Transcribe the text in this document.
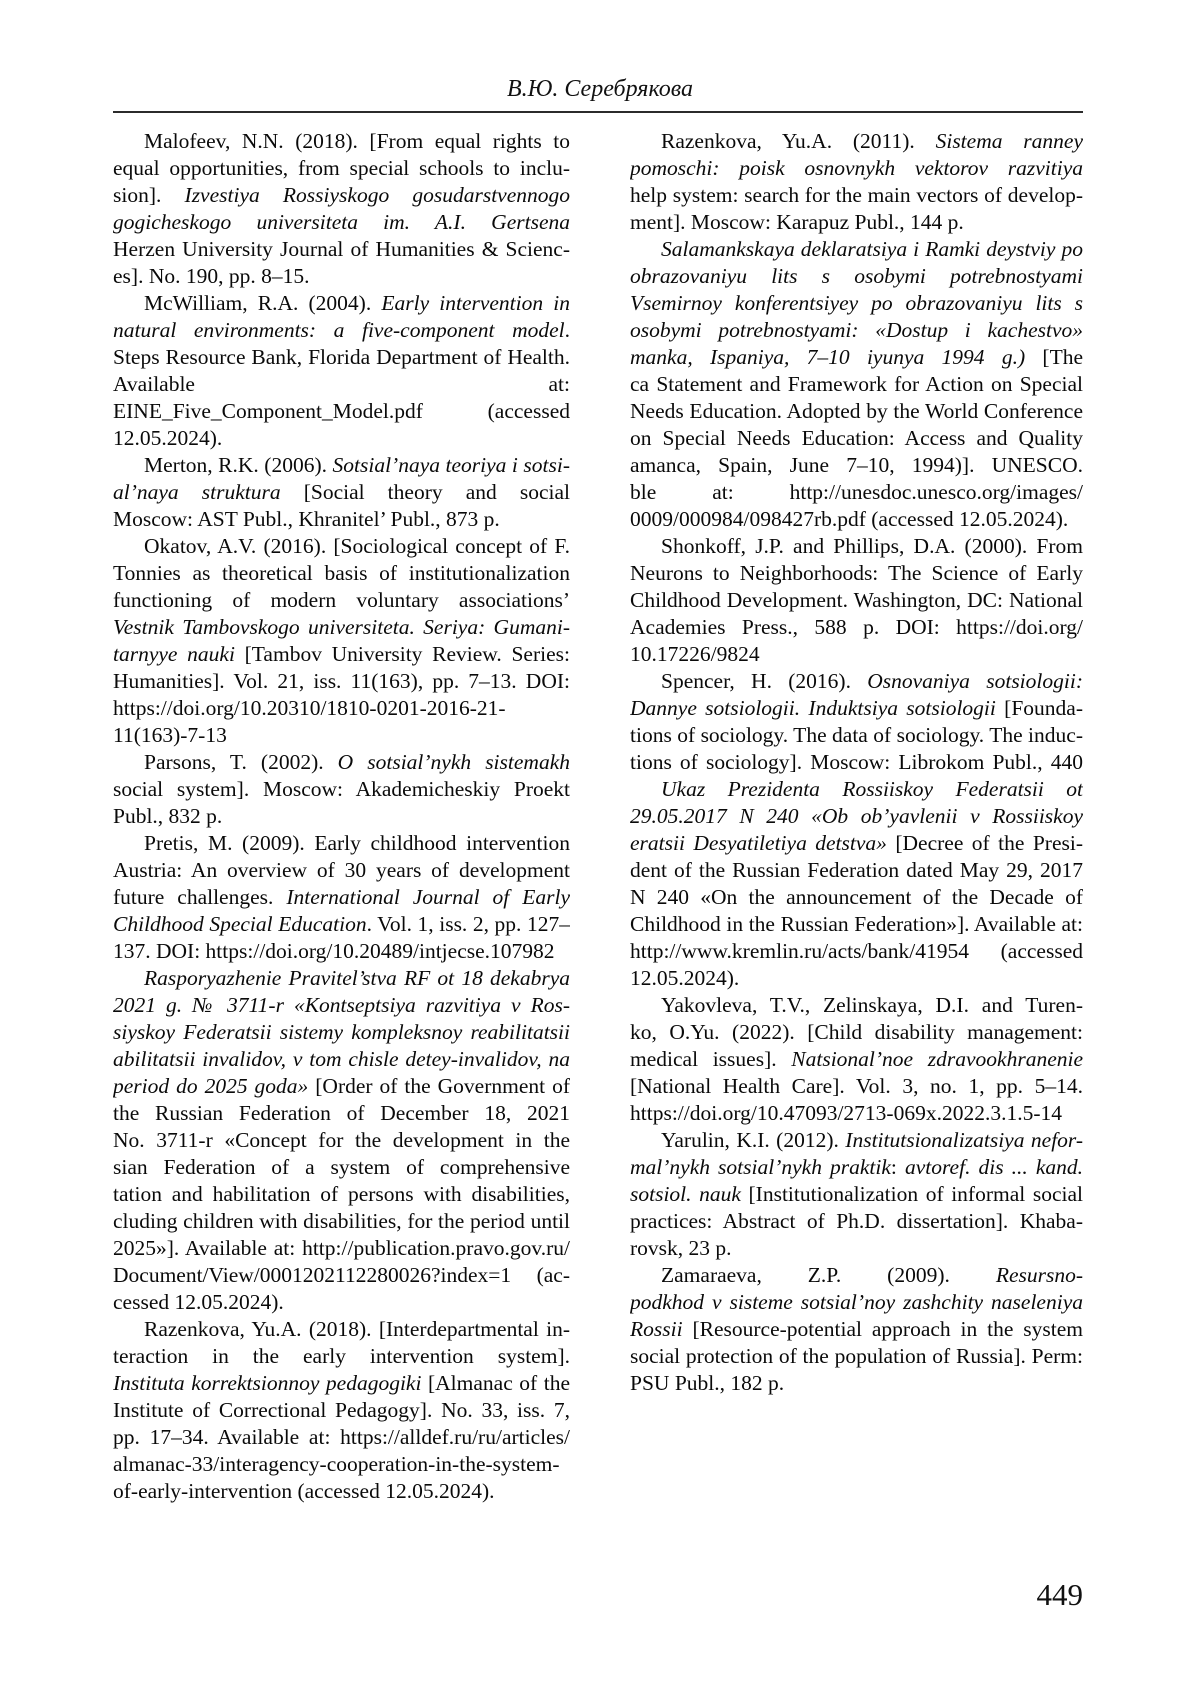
В.Ю. Серебрякова
Malofeev, N.N. (2018). [From equal rights to
equal opportunities, from special schools to inclu-
sion]. Izvestiya Rossiyskogo gosudarstvennogo
gogicheskogo universiteta im. A.I. Gertsena
Herzen University Journal of Humanities & Scienc-
es]. No. 190, pp. 8–15.
McWilliam, R.A. (2004). Early intervention in
natural environments: a five-component model.
Steps Resource Bank, Florida Department of Health.
Available at:
EINE_Five_Component_Model.pdf (accessed
12.05.2024).
Merton, R.K. (2006). Sotsial’naya teoriya i sotsi-
al’naya struktura [Social theory and social
Moscow: AST Publ., Khranitel’ Publ., 873 p.
Okatov, A.V. (2016). [Sociological concept of F.
Tonnies as theoretical basis of institutionalization
functioning of modern voluntary associations’
Vestnik Tambovskogo universiteta. Seriya: Gumani-
tarnyye nauki [Tambov University Review. Series:
Humanities]. Vol. 21, iss. 11(163), pp. 7–13. DOI:
https://doi.org/10.20310/1810-0201-2016-21-
11(163)-7-13
Parsons, T. (2002). O sotsial’nykh sistemakh
social system]. Moscow: Akademicheskiy Proekt
Publ., 832 p.
Pretis, M. (2009). Early childhood intervention
Austria: An overview of 30 years of development
future challenges. International Journal of Early
Childhood Special Education. Vol. 1, iss. 2, pp. 127–
137. DOI: https://doi.org/10.20489/intjecse.107982
Rasporyazhenie Pravitel’stva RF ot 18 dekabrya
2021 g. № 3711-r «Kontseptsiya razvitiya v Ros-
siyskoy Federatsii sistemy kompleksnoy reabilitatsii
abilitatsii invalidov, v tom chisle detey-invalidov, na
period do 2025 goda» [Order of the Government of
the Russian Federation of December 18, 2021
No. 3711-r «Concept for the development in the
sian Federation of a system of comprehensive
tation and habilitation of persons with disabilities,
cluding children with disabilities, for the period until
2025»]. Available at: http://publication.pravo.gov.ru/
Document/View/0001202112280026?index=1 (ac-
cessed 12.05.2024).
Razenkova, Yu.A. (2018). [Interdepartmental in-
teraction in the early intervention system].
Instituta korrektsionnoy pedagogiki [Almanac of the
Institute of Correctional Pedagogy]. No. 33, iss. 7,
pp. 17–34. Available at: https://alldef.ru/ru/articles/
almanac-33/interagency-cooperation-in-the-system-
of-early-intervention (accessed 12.05.2024).
Razenkova, Yu.A. (2011). Sistema ranney
pomoschi: poisk osnovnykh vektorov razvitiya
help system: search for the main vectors of develop-
ment]. Moscow: Karapuz Publ., 144 p.
Salamankskaya deklaratsiya i Ramki deystviy po
obrazovaniyu lits s osobymi potrebnostyami
Vsemirnoy konferentsiyey po obrazovaniyu lits s
osobymi potrebnostyami: «Dostup i kachestvo»
manka, Ispaniya, 7–10 iyunya 1994 g.) [The
ca Statement and Framework for Action on Special
Needs Education. Adopted by the World Conference
on Special Needs Education: Access and Quality
amanca, Spain, June 7–10, 1994)]. UNESCO.
ble at: http://unesdoc.unesco.org/images/
0009/000984/098427rb.pdf (accessed 12.05.2024).
Shonkoff, J.P. and Phillips, D.A. (2000). From
Neurons to Neighborhoods: The Science of Early
Childhood Development. Washington, DC: National
Academies Press., 588 p. DOI: https://doi.org/
10.17226/9824
Spencer, H. (2016). Osnovaniya sotsiologii:
Dannye sotsiologii. Induktsiya sotsiologii [Founda-
tions of sociology. The data of sociology. The induc-
tions of sociology]. Moscow: Librokom Publ., 440
Ukaz Prezidenta Rossiiskoy Federatsii ot
29.05.2017 N 240 «Ob ob’yavlenii v Rossiiskoy
eratsii Desyatiletiya detstva» [Decree of the Presi-
dent of the Russian Federation dated May 29, 2017
N 240 «On the announcement of the Decade of
Childhood in the Russian Federation»]. Available at:
http://www.kremlin.ru/acts/bank/41954 (accessed
12.05.2024).
Yakovleva, T.V., Zelinskaya, D.I. and Turen-
ko, O.Yu. (2022). [Child disability management:
medical issues]. Natsional’noe zdravookhranenie
[National Health Care]. Vol. 3, no. 1, pp. 5–14.
https://doi.org/10.47093/2713-069x.2022.3.1.5-14
Yarulin, K.I. (2012). Institutsionalizatsiya nefor-
mal’nykh sotsial’nykh praktik: avtoref. dis ... kand.
sotsiol. nauk [Institutionalization of informal social
practices: Abstract of Ph.D. dissertation]. Khaba-
rovsk, 23 p.
Zamaraeva, Z.P. (2009). Resursno-
podkhod v sisteme sotsial’noy zashchity naseleniya
Rossii [Resource-potential approach in the system
social protection of the population of Russia]. Perm:
PSU Publ., 182 p.
449
